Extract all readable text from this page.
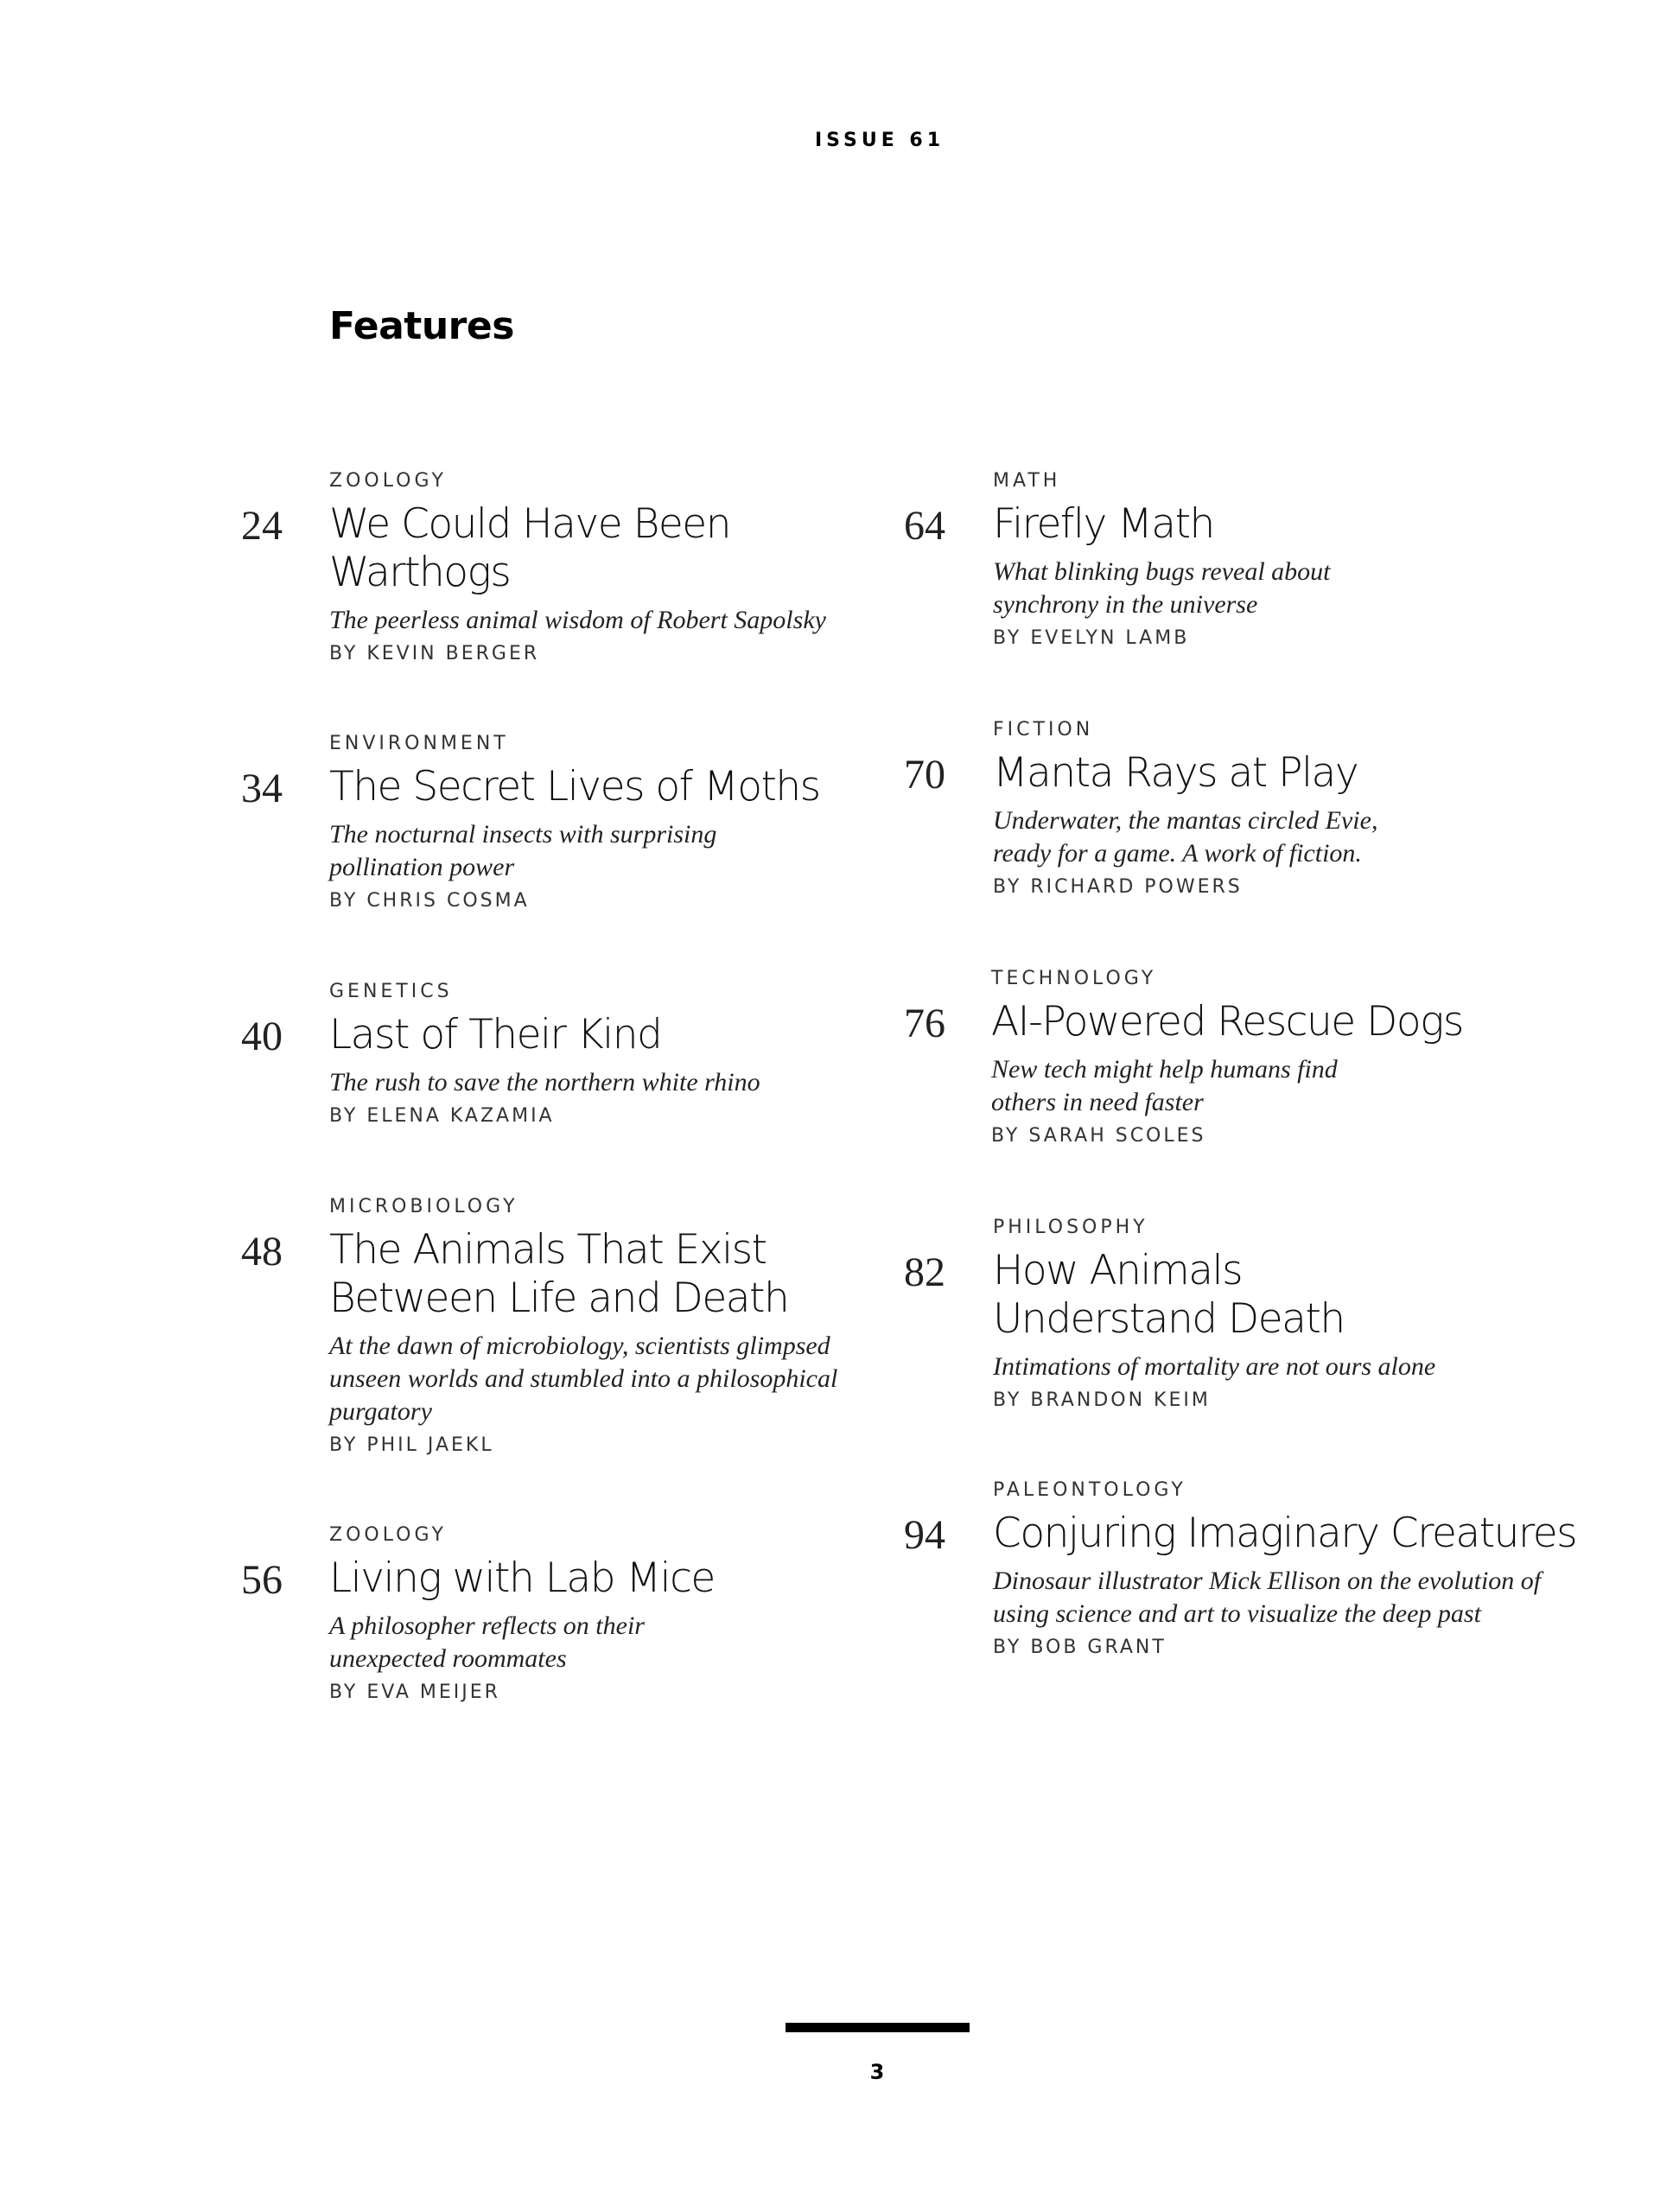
ISSUE 61
Features
24
ZOOLOGY
We Could Have Been Warthogs
The peerless animal wisdom of Robert Sapolsky
BY KEVIN BERGER
34
ENVIRONMENT
The Secret Lives of Moths
The nocturnal insects with surprising pollination power
BY CHRIS COSMA
40
GENETICS
Last of Their Kind
The rush to save the northern white rhino
BY ELENA KAZAMIA
48
MICROBIOLOGY
The Animals That Exist Between Life and Death
At the dawn of microbiology, scientists glimpsed unseen worlds and stumbled into a philosophical purgatory
BY PHIL JAEKL
56
ZOOLOGY
Living with Lab Mice
A philosopher reflects on their unexpected roommates
BY EVA MEIJER
64
MATH
Firefly Math
What blinking bugs reveal about synchrony in the universe
BY EVELYN LAMB
70
FICTION
Manta Rays at Play
Underwater, the mantas circled Evie, ready for a game. A work of fiction.
BY RICHARD POWERS
76
TECHNOLOGY
AI-Powered Rescue Dogs
New tech might help humans find others in need faster
BY SARAH SCOLES
82
PHILOSOPHY
How Animals Understand Death
Intimations of mortality are not ours alone
BY BRANDON KEIM
94
PALEONTOLOGY
Conjuring Imaginary Creatures
Dinosaur illustrator Mick Ellison on the evolution of using science and art to visualize the deep past
BY BOB GRANT
3
